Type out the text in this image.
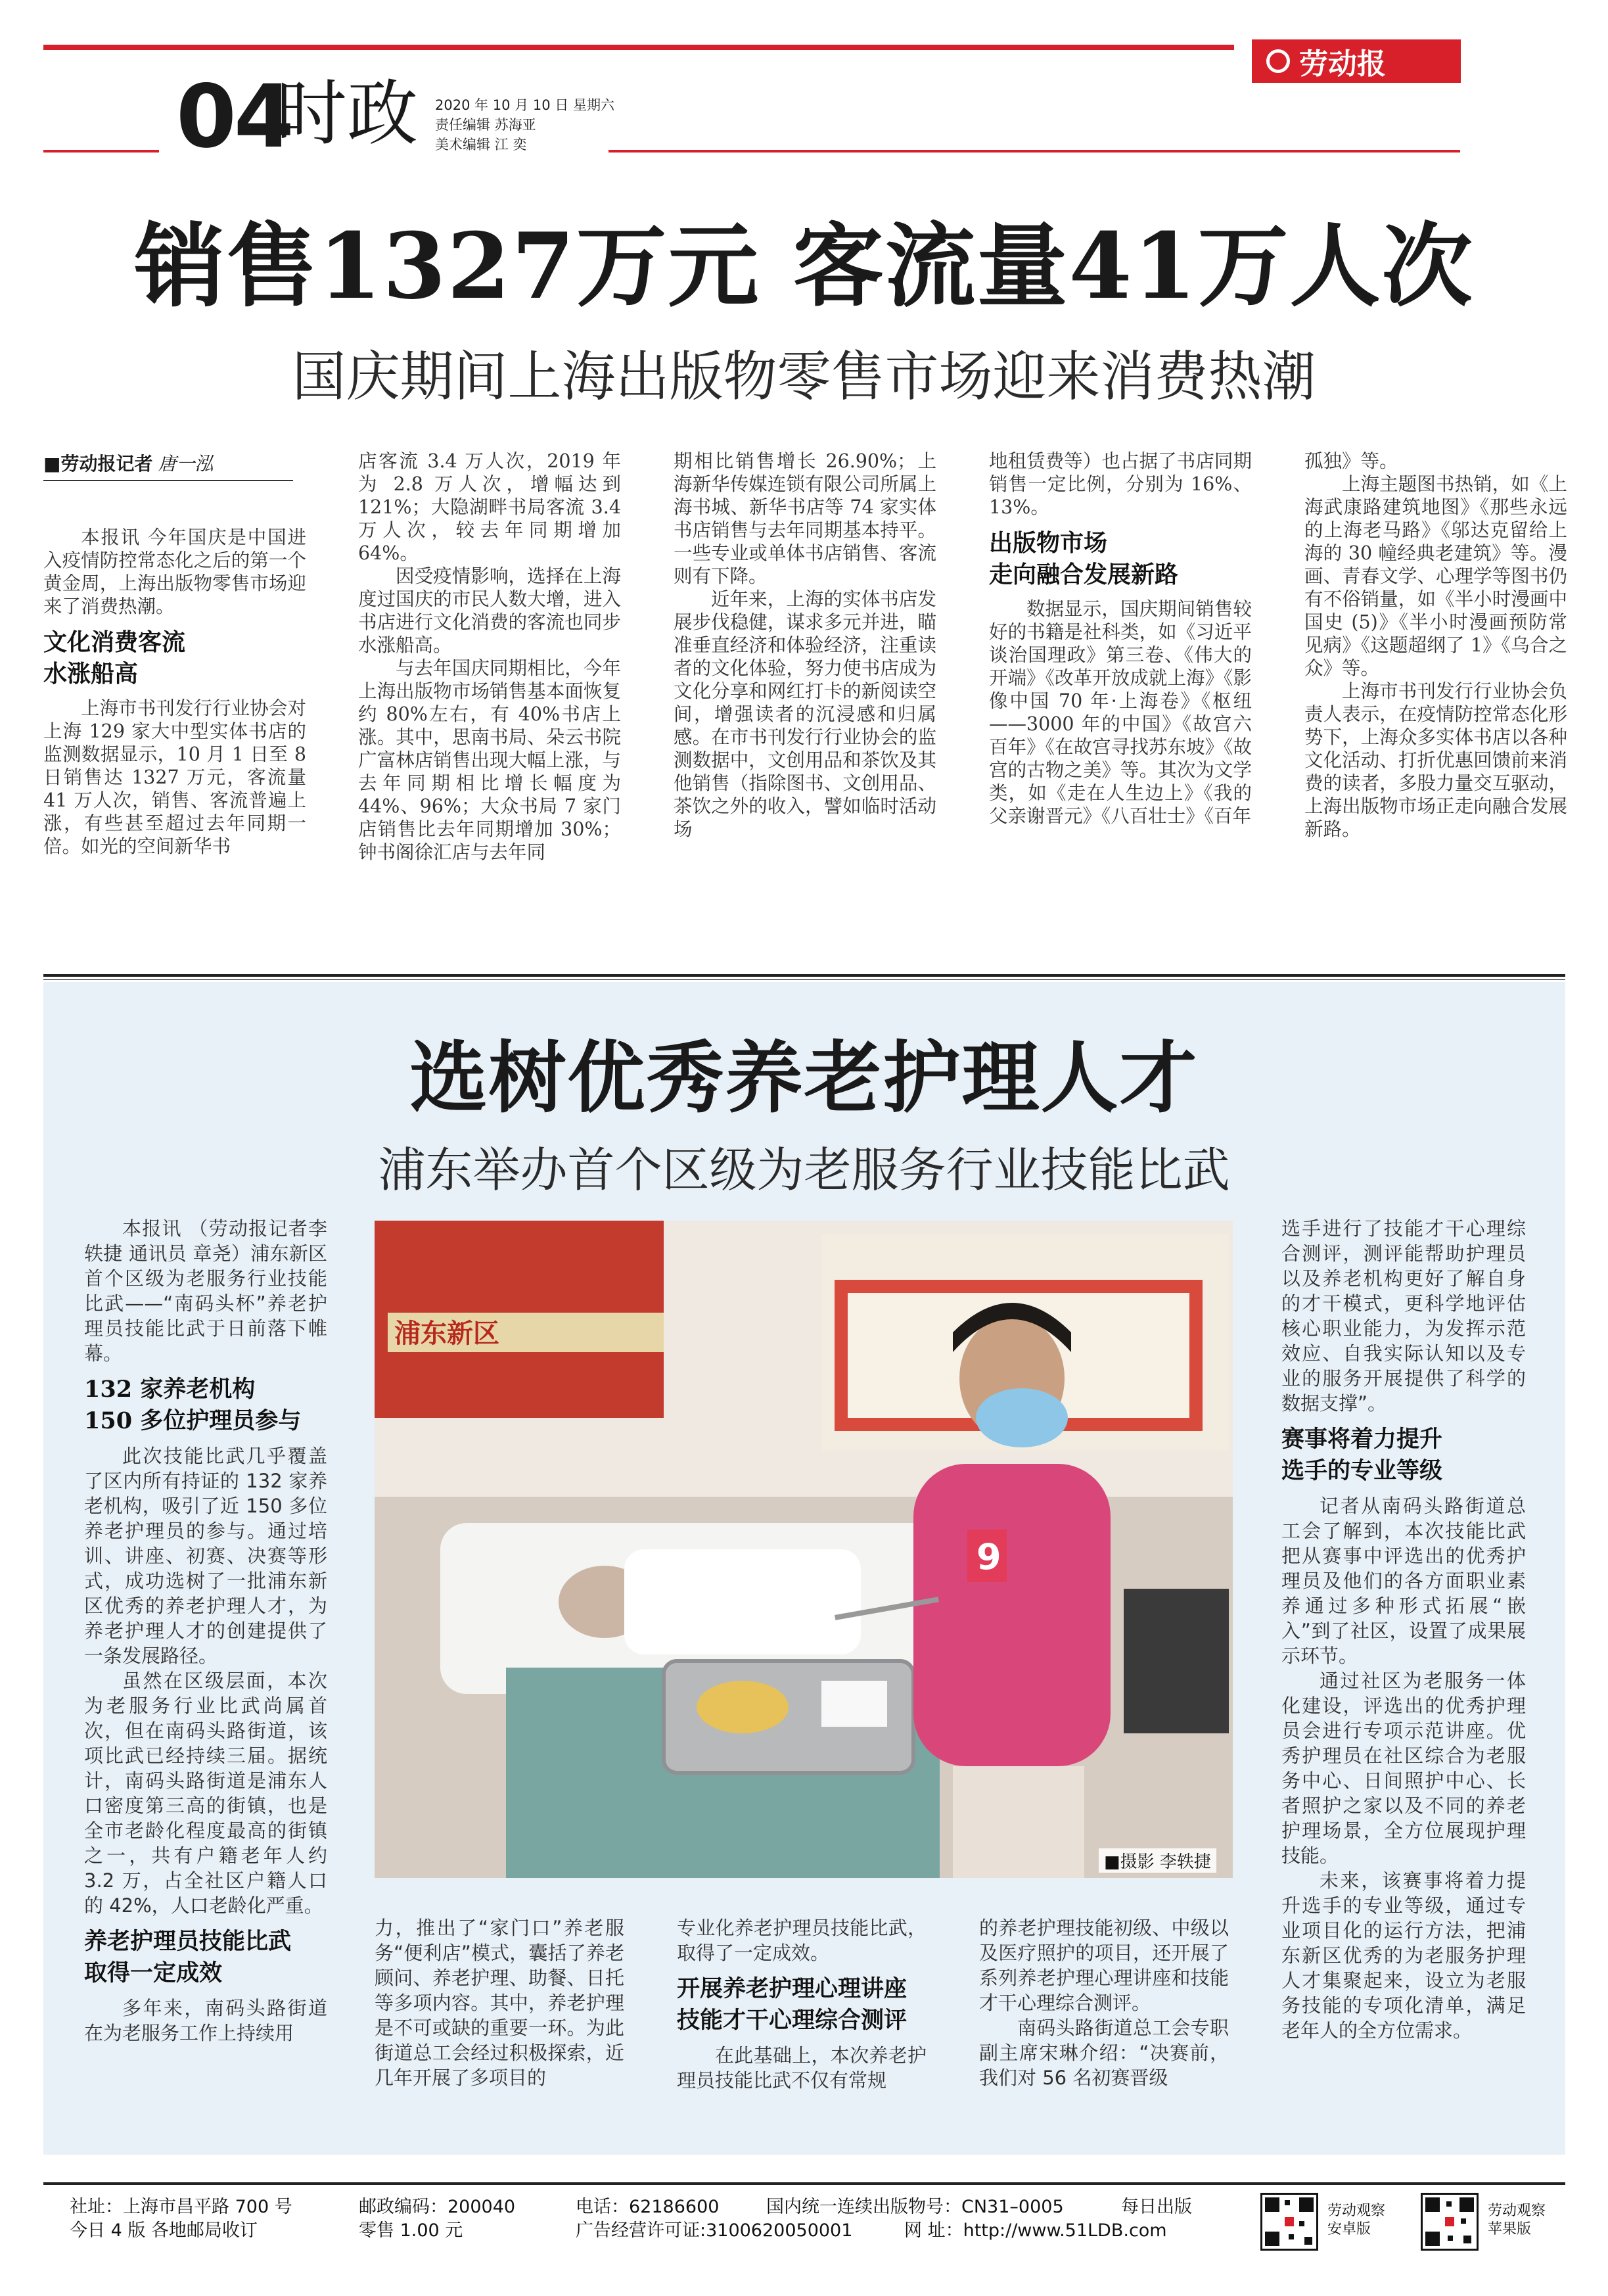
劳动报
04
时政 2020 年 10 月 10 日 星期六
责任编辑 苏海亚
美术编辑 江 奕
销售1327万元 客流量41万人次
国庆期间上海出版物零售市场迎来消费热潮
■劳动报记者 唐一泓

本报讯 今年国庆是中国进入疫情防控常态化之后的第一个黄金周，上海出版物零售市场迎来了消费热潮。

文化消费客流
水涨船高

上海市书刊发行行业协会对上海 129 家大中型实体书店的监测数据显示，10 月 1 日至 8 日销售达 1327 万元，客流量 41 万人次，销售、客流普遍上涨，有些甚至超过去年同期一倍。如光的空间新华书

店客流 3.4 万人次，2019 年为 2.8 万人次，增幅达到 121%；大隐湖畔书局客流 3.4 万人次，较去年同期增加 64%。

因受疫情影响，选择在上海度过国庆的市民人数大增，进入书店进行文化消费的客流也同步水涨船高。

与去年国庆同期相比，今年上海出版物市场销售基本面恢复约 80%左右，有 40%书店上涨。其中，思南书局、朵云书院广富林店销售出现大幅上涨，与去年同期相比增长幅度为 44%、96%；大众书局 7 家门店销售比去年同期增加 30%；钟书阁徐汇店与去年同

期相比销售增长 26.90%；上海新华传媒连锁有限公司所属上海书城、新华书店等 74 家实体书店销售与去年同期基本持平。一些专业或单体书店销售、客流则有下降。

近年来，上海的实体书店发展步伐稳健，谋求多元并进，瞄准垂直经济和体验经济，注重读者的文化体验，努力使书店成为文化分享和网红打卡的新阅读空间，增强读者的沉浸感和归属感。在市书刊发行行业协会的监测数据中，文创用品和茶饮及其他销售（指除图书、文创用品、茶饮之外的收入，譬如临时活动场

地租赁费等）也占据了书店同期销售一定比例，分别为 16%、13%。

出版物市场
走向融合发展新路

数据显示，国庆期间销售较好的书籍是社科类，如《习近平谈治国理政》第三卷、《伟大的开端》《改革开放成就上海》《影像中国 70 年·上海卷》《枢纽——3000 年的中国》《故宫六百年》《在故宫寻找苏东坡》《故宫的古物之美》等。其次为文学类，如《走在人生边上》《我的父亲谢晋元》《八百壮士》《百年

孤独》等。

上海主题图书热销，如《上海武康路建筑地图》《那些永远的上海老马路》《邬达克留给上海的 30 幢经典老建筑》等。漫画、青春文学、心理学等图书仍有不俗销量，如《半小时漫画中国史 (5)》《半小时漫画预防常见病》《这题超纲了 1》《乌合之众》等。

上海市书刊发行行业协会负责人表示，在疫情防控常态化形势下，上海众多实体书店以各种文化活动、打折优惠回馈前来消费的读者，多股力量交互驱动，上海出版物市场正走向融合发展新路。

选树优秀养老护理人才
浦东举办首个区级为老服务行业技能比武

本报讯 （劳动报记者李轶捷 通讯员 章尧）浦东新区首个区级为老服务行业技能比武——“南码头杯”养老护理员技能比武于日前落下帷幕。

132 家养老机构
150 多位护理员参与

此次技能比武几乎覆盖了区内所有持证的 132 家养老机构，吸引了近 150 多位养老护理员的参与。通过培训、讲座、初赛、决赛等形式，成功选树了一批浦东新区优秀的养老护理人才，为养老护理人才的创建提供了一条发展路径。

虽然在区级层面，本次为老服务行业比武尚属首次，但在南码头路街道，该项比武已经持续三届。据统计，南码头路街道是浦东人口密度第三高的街镇，也是全市老龄化程度最高的街镇之一，共有户籍老年人约 3.2 万，占全社区户籍人口的 42%，人口老龄化严重。

养老护理员技能比武
取得一定成效

多年来，南码头路街道在为老服务工作上持续用

浦东新区
9
■摄影 李轶捷

力，推出了“家门口”养老服务“便利店”模式，囊括了养老顾问、养老护理、助餐、日托等多项内容。其中，养老护理是不可或缺的重要一环。为此街道总工会经过积极探索，近几年开展了多项目的

专业化养老护理员技能比武，取得了一定成效。

开展养老护理心理讲座
技能才干心理综合测评

在此基础上，本次养老护理员技能比武不仅有常规

的养老护理技能初级、中级以及医疗照护的项目，还开展了系列养老护理心理讲座和技能才干心理综合测评。

南码头路街道总工会专职副主席宋琳介绍：“决赛前，我们对 56 名初赛晋级

选手进行了技能才干心理综合测评，测评能帮助护理员以及养老机构更好了解自身的才干模式，更科学地评估核心职业能力，为发挥示范效应、自我实际认知以及专业的服务开展提供了科学的数据支撑”。

赛事将着力提升
选手的专业等级

记者从南码头路街道总工会了解到，本次技能比武把从赛事中评选出的优秀护理员及他们的各方面职业素养通过多种形式拓展“嵌入”到了社区，设置了成果展示环节。

通过社区为老服务一体化建设，评选出的优秀护理员会进行专项示范讲座。优秀护理员在社区综合为老服务中心、日间照护中心、长者照护之家以及不同的养老护理场景，全方位展现护理技能。

未来，该赛事将着力提升选手的专业等级，通过专业项目化的运行方法，把浦东新区优秀的为老服务护理人才集聚起来，设立为老服务技能的专项化清单，满足老年人的全方位需求。

社址：上海市昌平路 700 号	邮政编码：200040	电话：62186600	国内统一连续出版物号：CN31–0005	每日出版
今日 4 版 各地邮局收订	零售 1.00 元	广告经营许可证:3100620050001	网 址：http://www.51LDB.com
劳动观察
安卓版
劳动观察
苹果版
